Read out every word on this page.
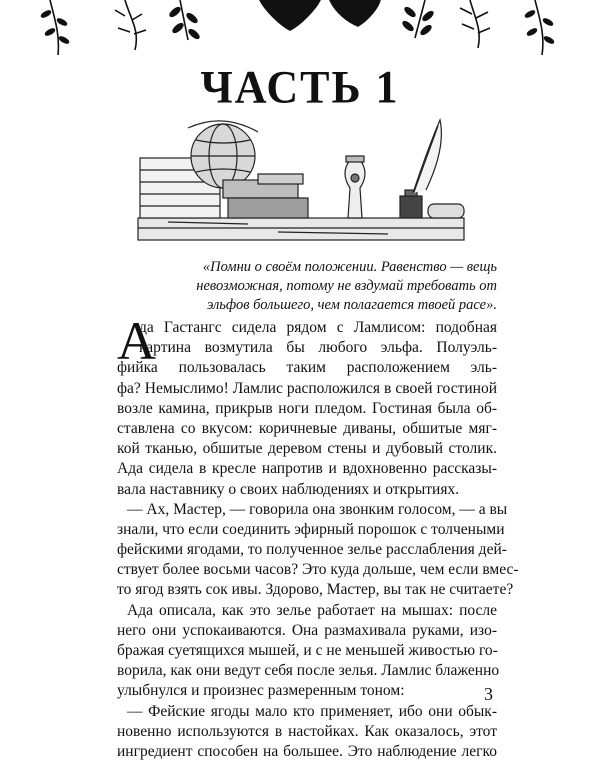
ЧАСТЬ 1
«Помни о своём положении. Равенство — вещь
невозможная, потому не вздумай требовать от
эльфов большего, чем полагается твоей расе».
А
да Гастангс сидела рядом с Ламлисом: подобная
картина возмутила бы любого эльфа. Полуэль-
фийка пользовалась таким расположением эль-
фа? Немыслимо! Ламлис расположился в своей гостиной
возле камина, прикрыв ноги пледом. Гостиная была об-
ставлена со вкусом: коричневые диваны, обшитые мяг-
кой тканью, обшитые деревом стены и дубовый столик.
Ада сидела в кресле напротив и вдохновенно рассказы-
вала наставнику о своих наблюдениях и открытиях.
— Ах, Мастер, — говорила она звонким голосом, — а вы
знали, что если соединить эфирный порошок с толчеными
фейскими ягодами, то полученное зелье расслабления дей-
ствует более восьми часов? Это куда дольше, чем если вмес-
то ягод взять сок ивы. Здорово, Мастер, вы так не считаете?
Ада описала, как это зелье работает на мышах: после
него они успокаиваются. Она размахивала руками, изо-
бражая суетящихся мышей, и с не меньшей живостью го-
ворила, как они ведут себя после зелья. Ламлис блаженно
улыбнулся и произнес размеренным тоном:
— Фейские ягоды мало кто применяет, ибо они обык-
новенно используются в настойках. Как оказалось, этот
ингредиент способен на большее. Это наблюдение легко
3
